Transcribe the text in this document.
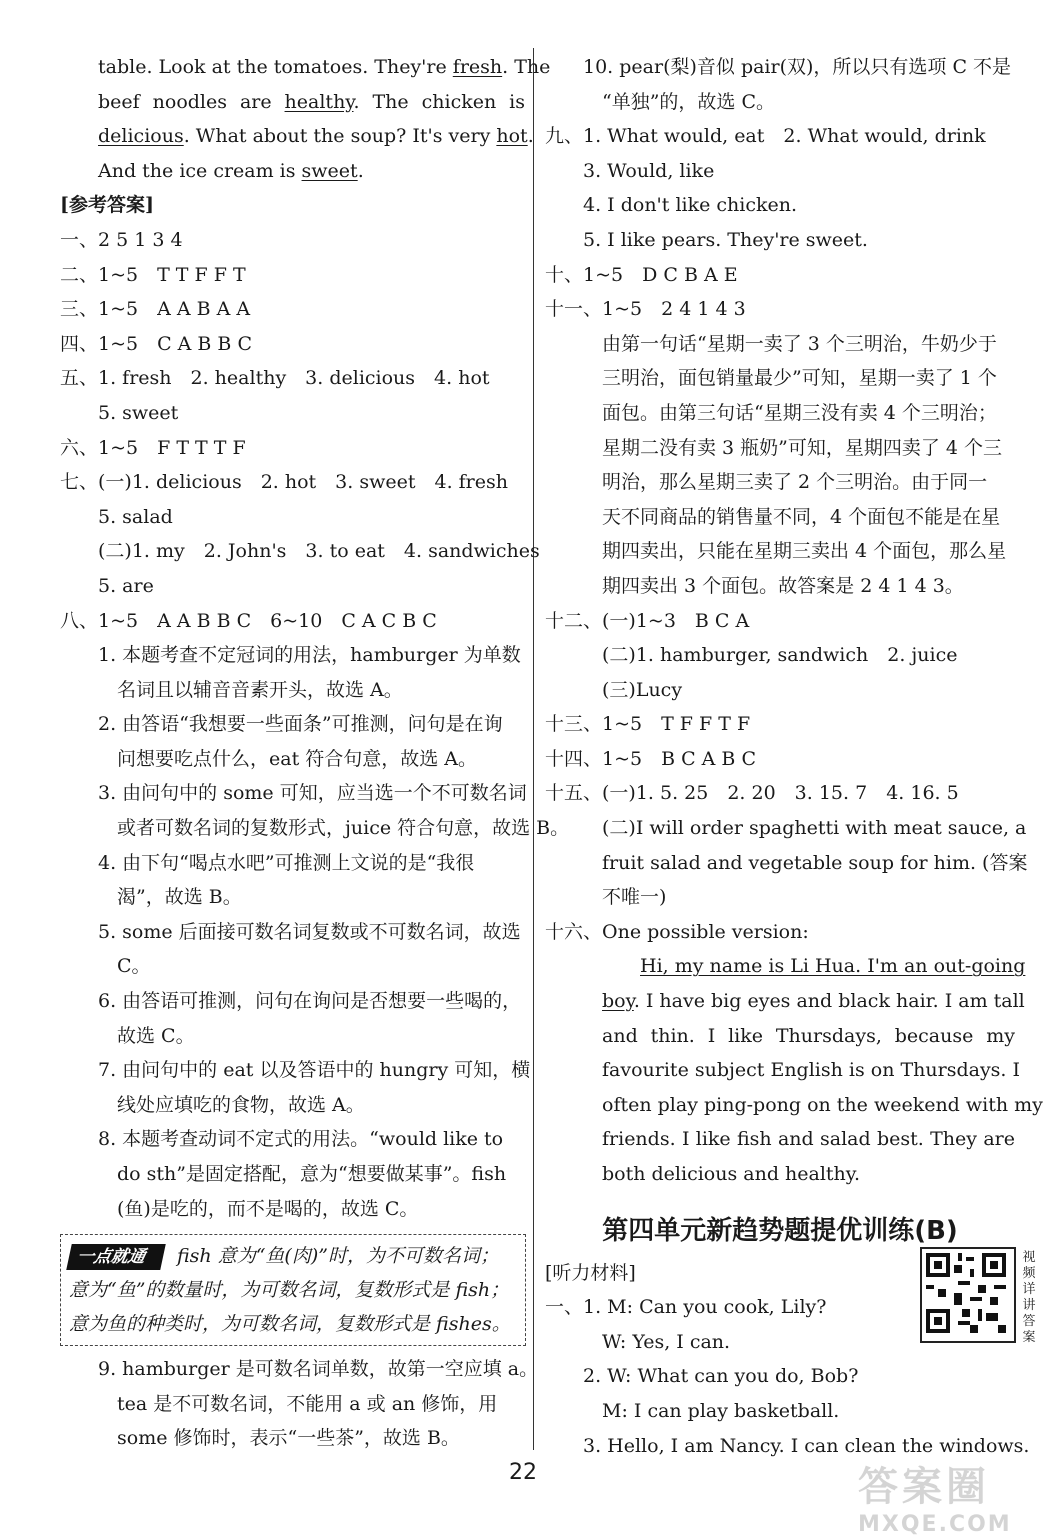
table. Look at the tomatoes. They're fresh. The
beef noodles are healthy. The chicken is
delicious. What about the soup? It's very hot.
And the ice cream is sweet.
[参考答案]
一、2 5 1 3 4
二、1~5　T T F F T
三、1~5　A A B A A
四、1~5　C A B B C
五、1. fresh　2. healthy　3. delicious　4. hot
5. sweet
六、1~5　F T T T F
七、(一)1. delicious　2. hot　3. sweet　4. fresh
5. salad
(二)1. my　2. John's　3. to eat　4. sandwiches
5. are
八、1~5　A A B B C　6~10　C A C B C
1. 本题考查不定冠词的用法，hamburger 为单数
名词且以辅音音素开头，故选 A。
2. 由答语“我想要一些面条”可推测，问句是在询
问想要吃点什么，eat 符合句意，故选 A。
3. 由问句中的 some 可知，应当选一个不可数名词
或者可数名词的复数形式，juice 符合句意，故选 B。
4. 由下句“喝点水吧”可推测上文说的是“我很
渴”，故选 B。
5. some 后面接可数名词复数或不可数名词，故选
C。
6. 由答语可推测，问句在询问是否想要一些喝的，
故选 C。
7. 由问句中的 eat 以及答语中的 hungry 可知，横
线处应填吃的食物，故选 A。
8. 本题考查动词不定式的用法。“would like to
do sth”是固定搭配，意为“想要做某事”。fish
(鱼)是吃的，而不是喝的，故选 C。
一点就通 fish 意为“鱼(肉)”时，为不可数名词；
意为“鱼”的数量时，为可数名词，复数形式是 fish；
意为鱼的种类时，为可数名词，复数形式是 fishes。
9. hamburger 是可数名词单数，故第一空应填 a。
tea 是不可数名词，不能用 a 或 an 修饰，用
some 修饰时，表示“一些茶”，故选 B。
10. pear(梨)音似 pair(双)，所以只有选项 C 不是
“单独”的，故选 C。
九、1. What would, eat　2. What would, drink
3. Would, like
4. I don't like chicken.
5. I like pears. They're sweet.
十、1~5　D C B A E
十一、1~5　2 4 1 4 3
由第一句话“星期一卖了 3 个三明治，牛奶少于
三明治，面包销量最少”可知，星期一卖了 1 个
面包。由第三句话“星期三没有卖 4 个三明治；
星期二没有卖 3 瓶奶”可知，星期四卖了 4 个三
明治，那么星期三卖了 2 个三明治。由于同一
天不同商品的销售量不同，4 个面包不能是在星
期四卖出，只能在星期三卖出 4 个面包，那么星
期四卖出 3 个面包。故答案是 2 4 1 4 3。
十二、(一)1~3　B C A
(二)1. hamburger, sandwich　2. juice
(三)Lucy
十三、1~5　T F F T F
十四、1~5　B C A B C
十五、(一)1. 5. 25　2. 20　3. 15. 7　4. 16. 5
(二)I will order spaghetti with meat sauce, a
fruit salad and vegetable soup for him. (答案
不唯一)
十六、One possible version:
Hi, my name is Li Hua. I'm an out-going
boy. I have big eyes and black hair. I am tall
and thin. I like Thursdays, because my
favourite subject English is on Thursdays. I
often play ping-pong on the weekend with my
friends. I like fish and salad best. They are
both delicious and healthy.
第四单元新趋势题提优训练(B)
[听力材料]
一、1. M: Can you cook, Lily?
W: Yes, I can.
2. W: What can you do, Bob?
M: I can play basketball.
3. Hello, I am Nancy. I can clean the windows.
视频详讲答案
22	答案圈
MXQE.COM
